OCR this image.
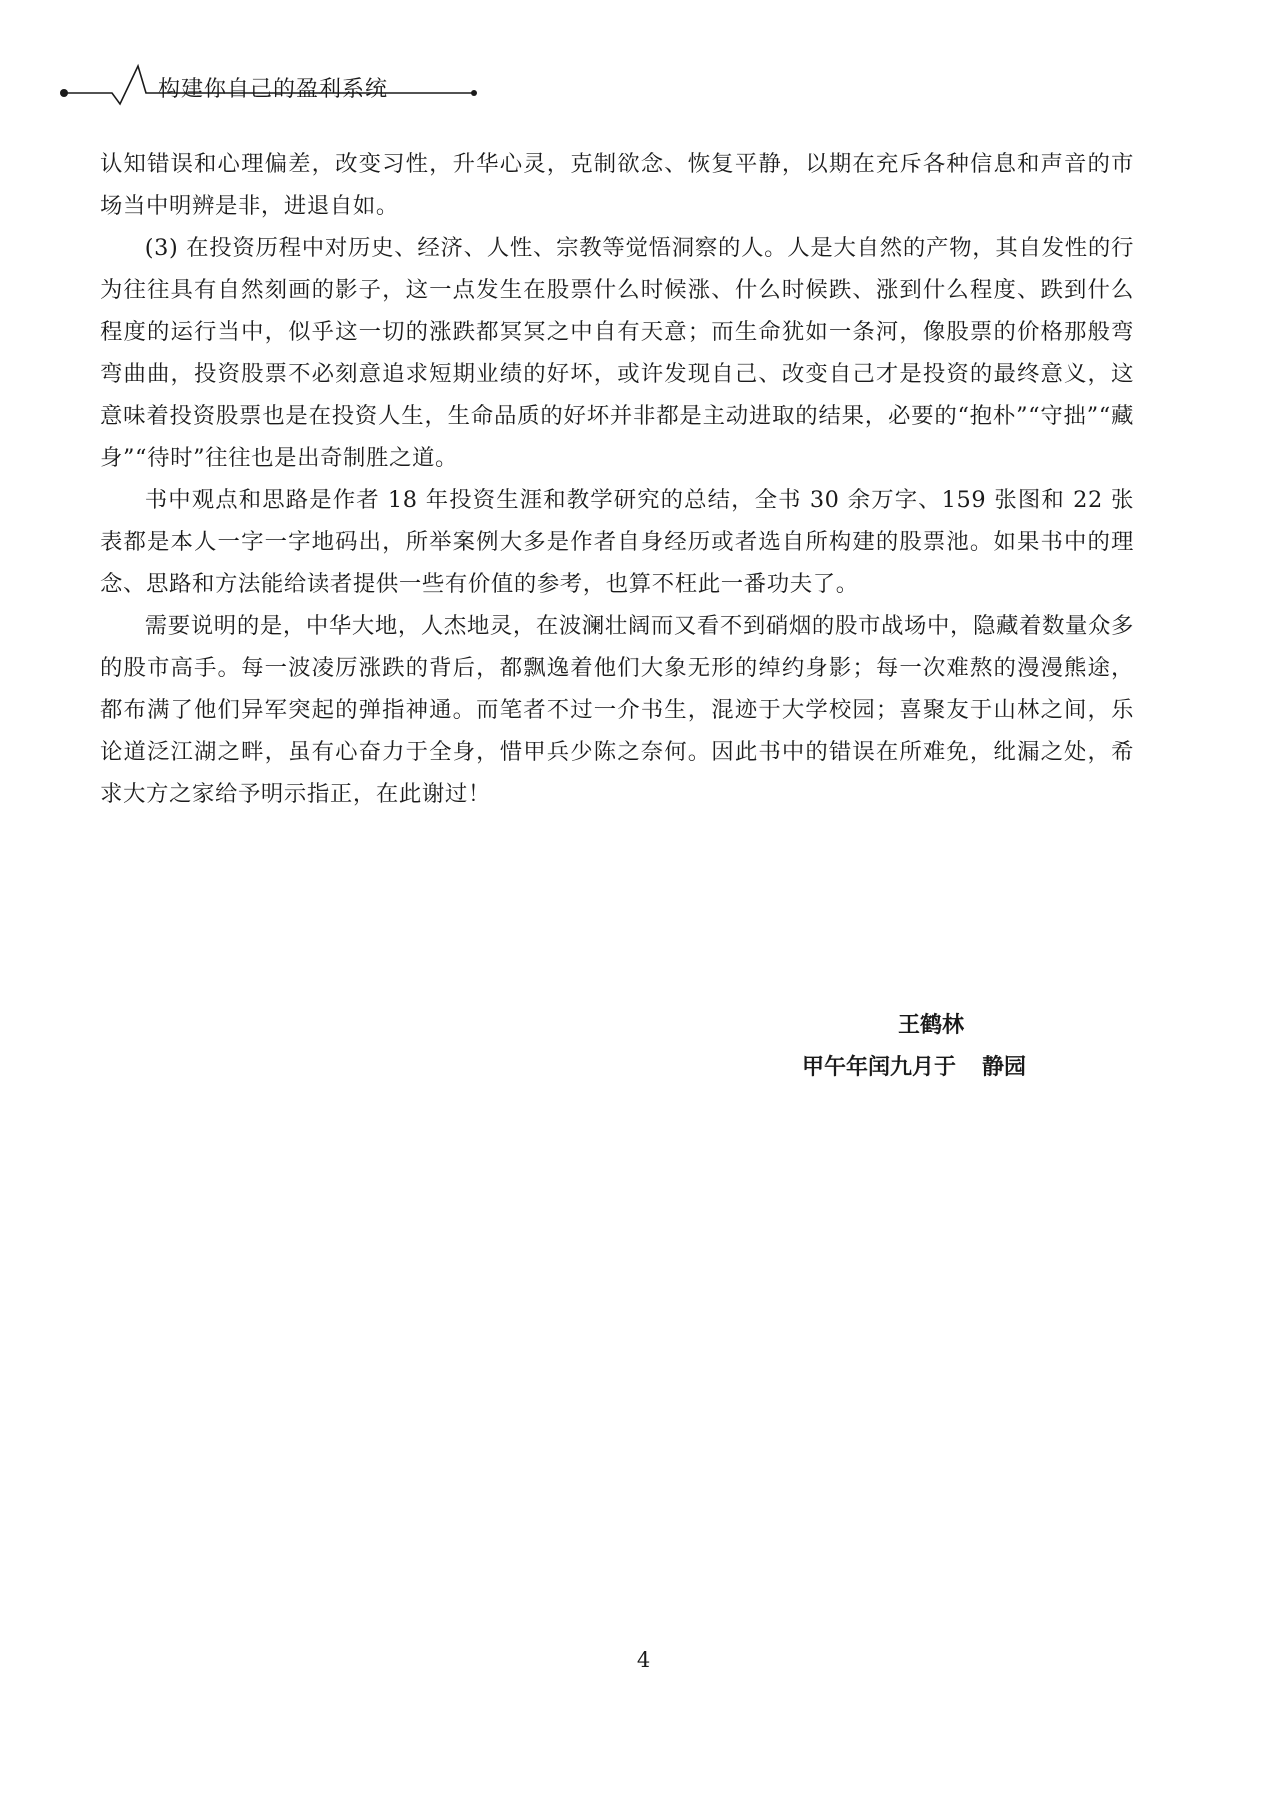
构建你自己的盈利系统

认知错误和心理偏差，改变习性，升华心灵，克制欲念、恢复平静，以期在充斥各种信息和声音的市场当中明辨是非，进退自如。

(3) 在投资历程中对历史、经济、人性、宗教等觉悟洞察的人。人是大自然的产物，其自发性的行为往往具有自然刻画的影子，这一点发生在股票什么时候涨、什么时候跌、涨到什么程度、跌到什么程度的运行当中，似乎这一切的涨跌都冥冥之中自有天意；而生命犹如一条河，像股票的价格那般弯弯曲曲，投资股票不必刻意追求短期业绩的好坏，或许发现自己、改变自己才是投资的最终意义，这意味着投资股票也是在投资人生，生命品质的好坏并非都是主动进取的结果，必要的“抱朴”“守拙”“藏身”“待时”往往也是出奇制胜之道。

书中观点和思路是作者 18 年投资生涯和教学研究的总结，全书 30 余万字、159 张图和 22 张表都是本人一字一字地码出，所举案例大多是作者自身经历或者选自所构建的股票池。如果书中的理念、思路和方法能给读者提供一些有价值的参考，也算不枉此一番功夫了。

需要说明的是，中华大地，人杰地灵，在波澜壮阔而又看不到硝烟的股市战场中，隐藏着数量众多的股市高手。每一波凌厉涨跌的背后，都飘逸着他们大象无形的绰约身影；每一次难熬的漫漫熊途，都布满了他们异军突起的弹指神通。而笔者不过一介书生，混迹于大学校园；喜聚友于山林之间，乐论道泛江湖之畔，虽有心奋力于全身，惜甲兵少陈之奈何。因此书中的错误在所难免，纰漏之处，希求大方之家给予明示指正，在此谢过！

王鹤林
甲午年闰九月于 静园
4
